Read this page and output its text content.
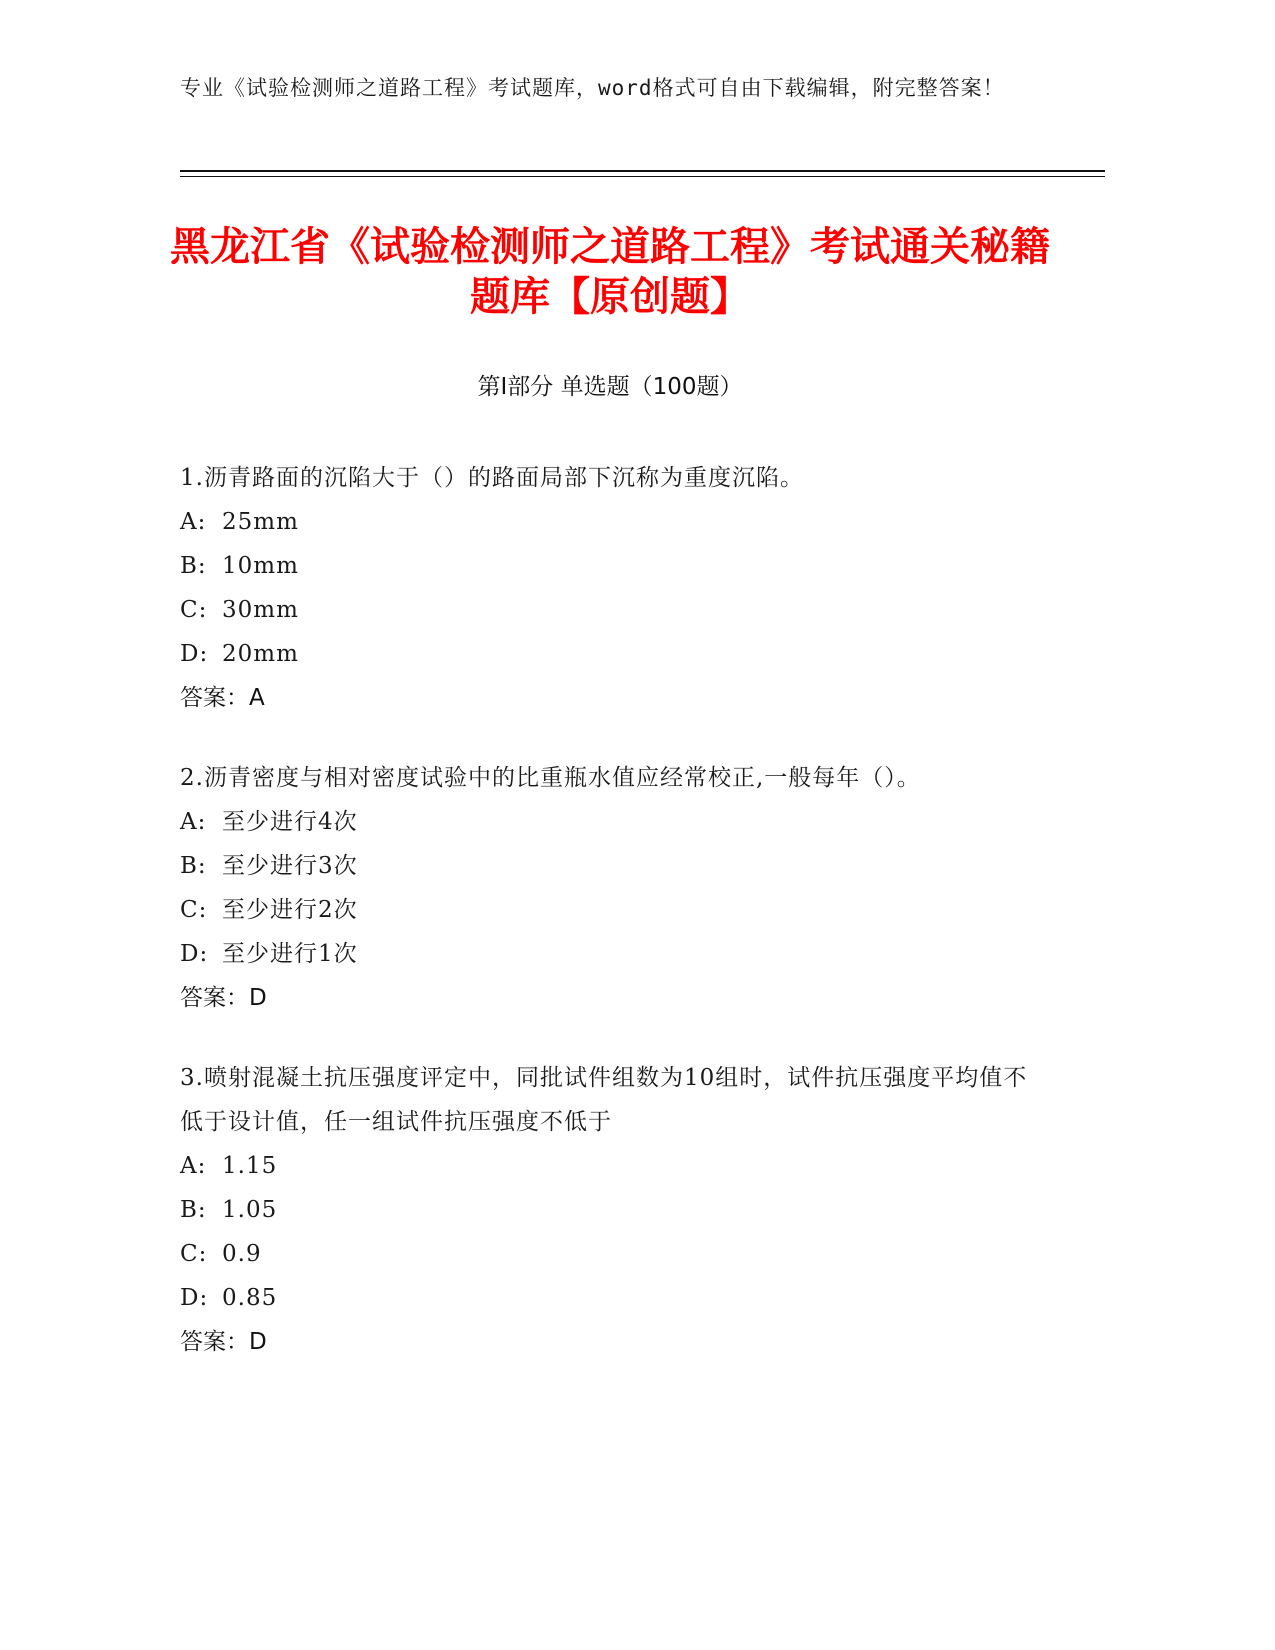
专业《试验检测师之道路工程》考试题库，word格式可自由下载编辑，附完整答案！
黑龙江省《试验检测师之道路工程》考试通关秘籍题库【原创题】
第I部分 单选题（100题）

1.沥青路面的沉陷大于（）的路面局部下沉称为重度沉陷。

A: 25mm

B: 10mm

C: 30mm

D: 20mm

答案：A

2.沥青密度与相对密度试验中的比重瓶水值应经常校正,一般每年（）。

A: 至少进行4次

B: 至少进行3次

C: 至少进行2次

D: 至少进行1次

答案：D

3.喷射混凝土抗压强度评定中，同批试件组数为10组时，试件抗压强度平均值不低于设计值，任一组试件抗压强度不低于

A: 1.15

B: 1.05

C: 0.9

D: 0.85

答案：D
